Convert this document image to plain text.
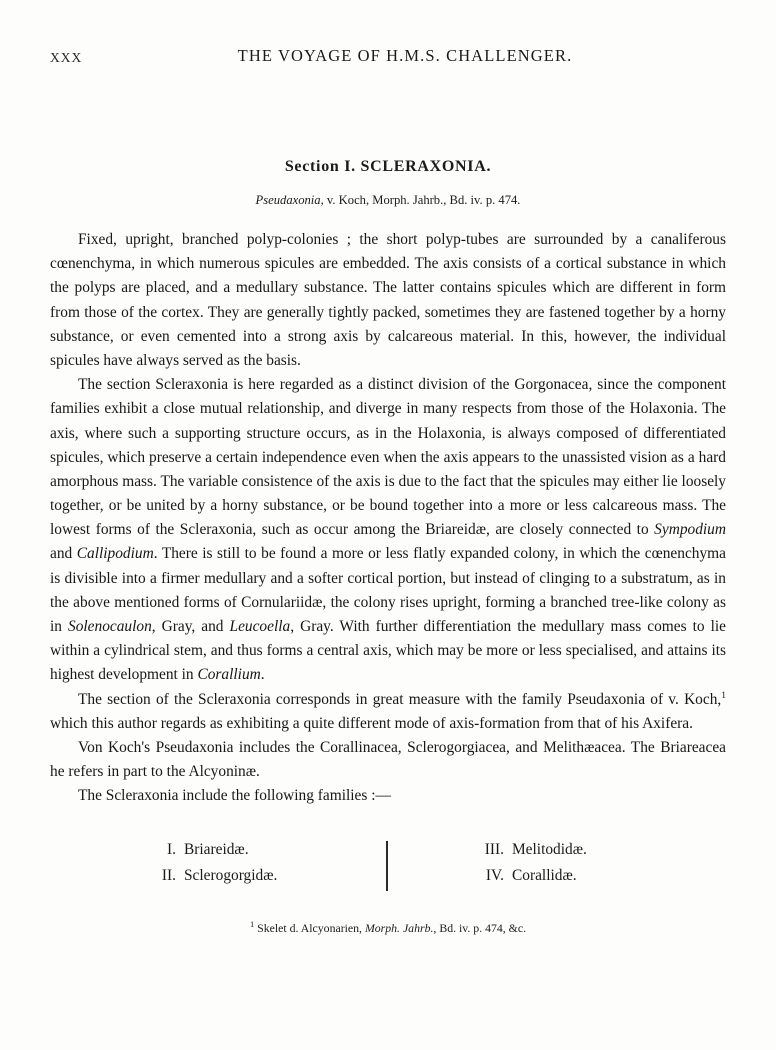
XXX	THE VOYAGE OF H.M.S. CHALLENGER.
Section I. SCLERAXONIA.

Pseudaxonia, v. Koch, Morph. Jahrb., Bd. iv. p. 474.

Fixed, upright, branched polyp-colonies ; the short polyp-tubes are surrounded by a canaliferous cœnenchyma, in which numerous spicules are embedded. The axis consists of a cortical substance in which the polyps are placed, and a medullary substance. The latter contains spicules which are different in form from those of the cortex. They are generally tightly packed, sometimes they are fastened together by a horny substance, or even cemented into a strong axis by calcareous material. In this, however, the individual spicules have always served as the basis.

The section Scleraxonia is here regarded as a distinct division of the Gorgonacea, since the component families exhibit a close mutual relationship, and diverge in many respects from those of the Holaxonia. The axis, where such a supporting structure occurs, as in the Holaxonia, is always composed of differentiated spicules, which preserve a certain independence even when the axis appears to the unassisted vision as a hard amorphous mass. The variable consistence of the axis is due to the fact that the spicules may either lie loosely together, or be united by a horny substance, or be bound together into a more or less calcareous mass. The lowest forms of the Scleraxonia, such as occur among the Briareidæ, are closely connected to Sympodium and Callipodium. There is still to be found a more or less flatly expanded colony, in which the cœnenchyma is divisible into a firmer medullary and a softer cortical portion, but instead of clinging to a substratum, as in the above mentioned forms of Cornulariidæ, the colony rises upright, forming a branched tree-like colony as in Solenocaulon, Gray, and Leucoella, Gray. With further differentiation the medullary mass comes to lie within a cylindrical stem, and thus forms a central axis, which may be more or less specialised, and attains its highest development in Corallium.

The section of the Scleraxonia corresponds in great measure with the family Pseudaxonia of v. Koch,$^1$ which this author regards as exhibiting a quite different mode of axis-formation from that of his Axifera.

Von Koch's Pseudaxonia includes the Corallinacea, Sclerogorgiacea, and Melithæacea. The Briareacea he refers in part to the Alcyoninæ.

The Scleraxonia include the following families :—

I. Briareidæ.
II. Sclerogorgidæ.
III. Melitodidæ.
IV. Corallidæ.
$^1$ Skelet d. Alcyonarien, Morph. Jahrb., Bd. iv. p. 474, &c.
